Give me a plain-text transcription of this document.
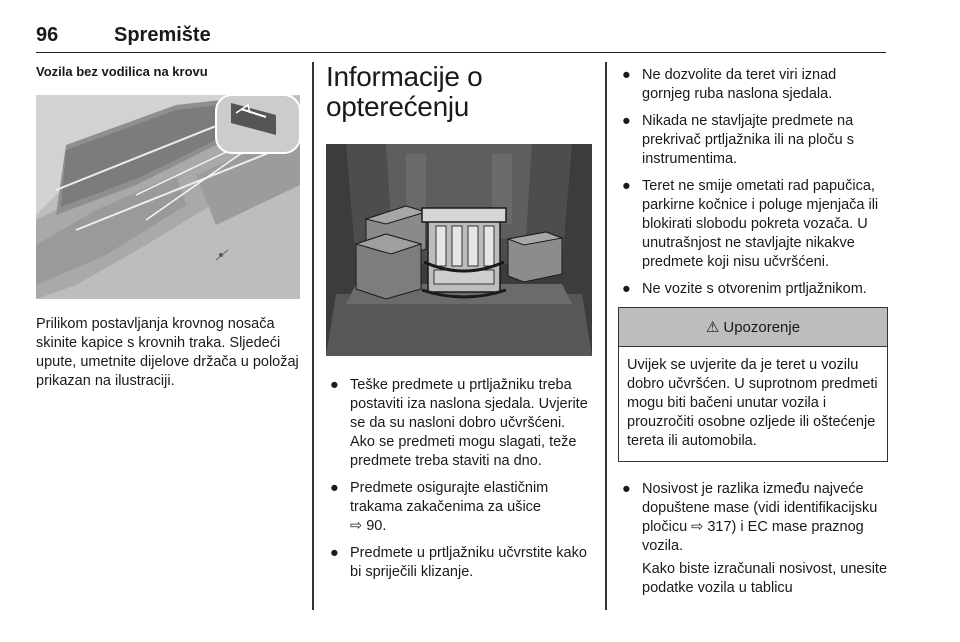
96	Spremište

Vozila bez vodilica na krovu

Prilikom postavljanja krovnog nosača skinite kapice s krovnih traka. Sljedeći upute, umetnite dijelove držača u položaj prikazan na ilustraciji.

Informacije o opterećenju
● Teške predmete u prtljažniku treba postaviti iza naslona sjedala. Uvjerite se da su nasloni dobro učvršćeni. Ako se predmeti mogu slagati, teže predmete treba staviti na dno.
● Predmete osigurajte elastičnim trakama zakačenima za ušice
⇨ 90.
● Predmete u prtljažniku učvrstite kako bi spriječili klizanje.
● Ne dozvolite da teret viri iznad gornjeg ruba naslona sjedala.
● Nikada ne stavljajte predmete na prekrivač prtljažnika ili na ploču s instrumentima.
● Teret ne smije ometati rad papučica, parkirne kočnice i poluge mjenjača ili blokirati slobodu pokreta vozača. U unutrašnjost ne stavljajte nikakve predmete koji nisu učvršćeni.
● Ne vozite s otvorenim prtljažnikom.
⚠ Upozorenje
Uvijek se uvjerite da je teret u vozilu dobro učvršćen. U suprotnom predmeti mogu biti bačeni unutar vozila i prouzročiti osobne ozljede ili oštećenje tereta ili automobila.
● Nosivost je razlika između najveće dopuštene mase (vidi identifikacijsku pločicu ⇨ 317) i EC mase praznog vozila.

Kako biste izračunali nosivost, unesite podatke vozila u tablicu
